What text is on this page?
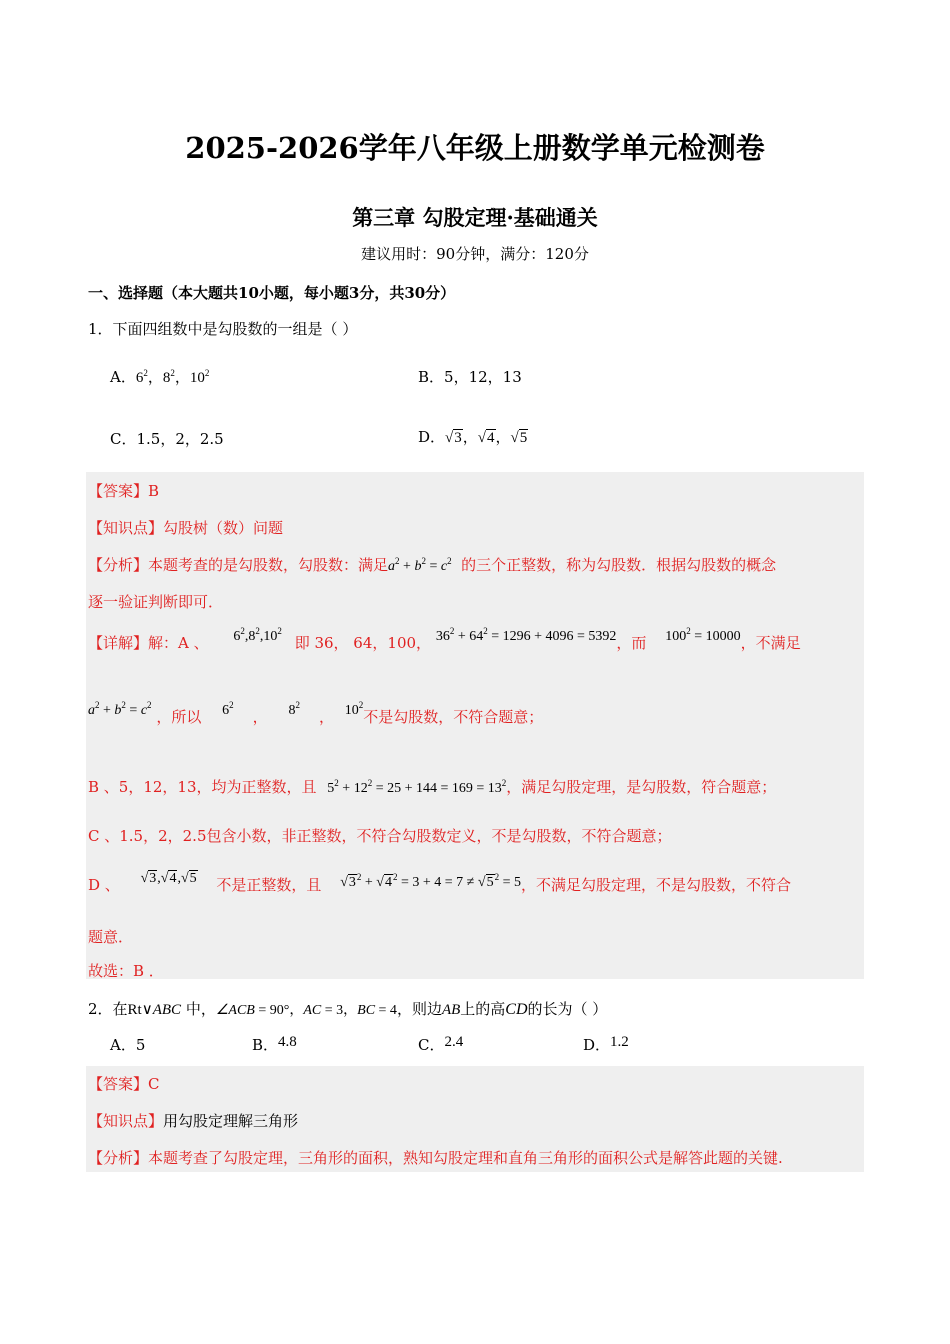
2025-2026学年八年级上册数学单元检测卷
第三章 勾股定理·基础通关
建议用时：90分钟，满分：120分
一、选择题（本大题共10小题，每小题3分，共30分）
1．下面四组数中是勾股数的一组是（ ）
A．$6^2$，$8^2$，$10^2$	B．5，12，13
C．1.5，2，2.5	D．√3，√4，√5
【答案】B
【知识点】勾股树（数）问题
【分析】本题考查的是勾股数，勾股数：满足$a^2 + b^2 = c^2$ 的三个正整数，称为勾股数．根据勾股数的概念
逐一验证判断即可．
【详解】解：A 、 $6^2,8^2,10^2$ 即 36， 64，100， $36^2 + 64^2 = 1296 + 4096 = 5392$，而 $100^2 = 10000$，不满足
$a^2 + b^2 = c^2$ ，所以 $6^2$    ， $8^2$    ， $10^2$不是勾股数，不符合题意；
B 、5，12，13，均为正整数，且 $5^2 + 12^2 = 25 + 144 = 169 = 13^2$，满足勾股定理，是勾股数，符合题意；
C 、1.5，2，2.5包含小数，非正整数，不符合勾股数定义，不是勾股数，不符合题意；
D 、 √3,√4,√5 不是正整数，且 $√3^2 + √4^2 = 3 + 4 = 7 \ne √5^2 = 5$，不满足勾股定理，不是勾股数，不符合
题意．
故选：B ．
2．在Rt∨ABC 中，∠ACB = 90°，AC = 3，BC = 4，则边AB上的高CD的长为（ ）
A．5	B．4.8	C．2.4	D．1.2
【答案】C
【知识点】用勾股定理解三角形
【分析】本题考查了勾股定理，三角形的面积，熟知勾股定理和直角三角形的面积公式是解答此题的关键.
